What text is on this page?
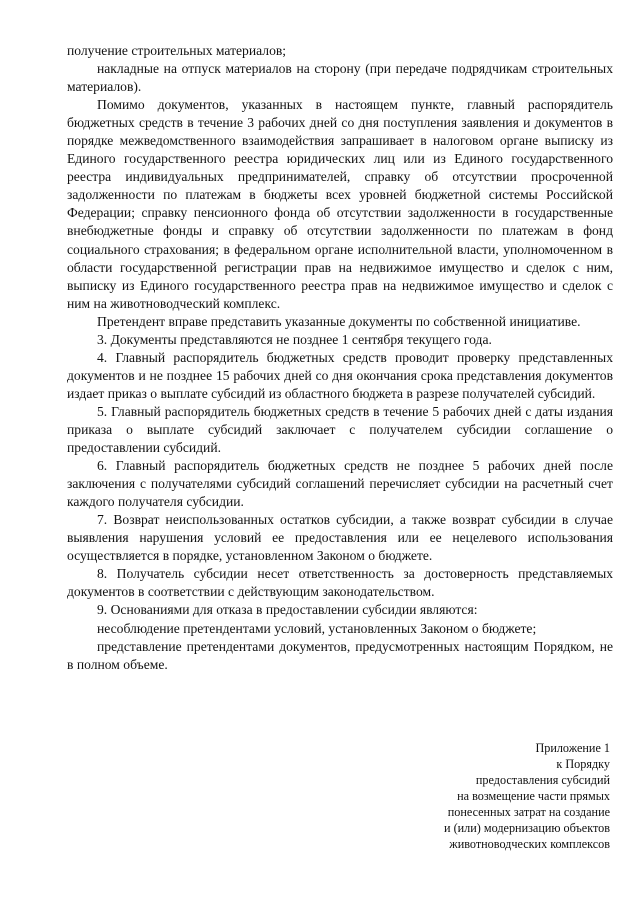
получение строительных материалов;

накладные на отпуск материалов на сторону (при передаче подрядчикам строительных материалов).

Помимо документов, указанных в настоящем пункте, главный распорядитель бюджетных средств в течение 3 рабочих дней со дня поступления заявления и документов в порядке межведомственного взаимодействия запрашивает в налоговом органе выписку из Единого государственного реестра юридических лиц или из Единого государственного реестра индивидуальных предпринимателей, справку об отсутствии просроченной задолженности по платежам в бюджеты всех уровней бюджетной системы Российской Федерации; справку пенсионного фонда об отсутствии задолженности в государственные внебюджетные фонды и справку об отсутствии задолженности по платежам в фонд социального страхования; в федеральном органе исполнительной власти, уполномоченном в области государственной регистрации прав на недвижимое имущество и сделок с ним, выписку из Единого государственного реестра прав на недвижимое имущество и сделок с ним на животноводческий комплекс.

Претендент вправе представить указанные документы по собственной инициативе.

3. Документы представляются не позднее 1 сентября текущего года.

4. Главный распорядитель бюджетных средств проводит проверку представленных документов и не позднее 15 рабочих дней со дня окончания срока представления документов издает приказ о выплате субсидий из областного бюджета в разрезе получателей субсидий.

5. Главный распорядитель бюджетных средств в течение 5 рабочих дней с даты издания приказа о выплате субсидий заключает с получателем субсидии соглашение о предоставлении субсидий.

6. Главный распорядитель бюджетных средств не позднее 5 рабочих дней после заключения с получателями субсидий соглашений перечисляет субсидии на расчетный счет каждого получателя субсидии.

7. Возврат неиспользованных остатков субсидии, а также возврат субсидии в случае выявления нарушения условий ее предоставления или ее нецелевого использования осуществляется в порядке, установленном Законом о бюджете.

8. Получатель субсидии несет ответственность за достоверность представляемых документов в соответствии с действующим законодательством.

9. Основаниями для отказа в предоставлении субсидии являются:

несоблюдение претендентами условий, установленных Законом о бюджете;

представление претендентами документов, предусмотренных настоящим Порядком, не в полном объеме.

Приложение 1
к Порядку
предоставления субсидий
на возмещение части прямых
понесенных затрат на создание
и (или) модернизацию объектов
животноводческих комплексов
